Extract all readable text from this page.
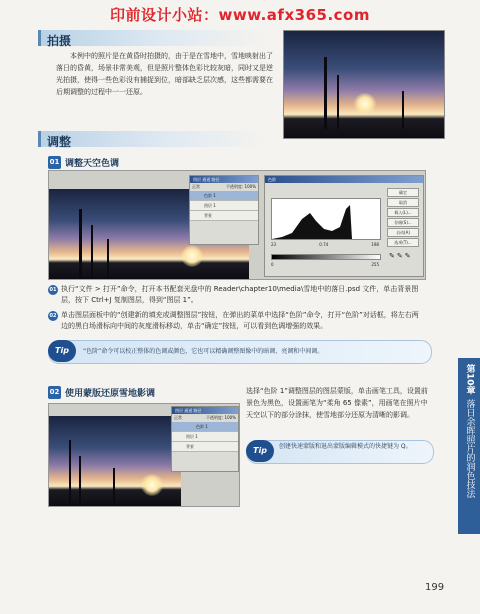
印前设计小站：www.afx365.com
拍摄
本例中的照片是在黄昏时拍摄的，由于是在雪地中，雪地映射出了落日的昏黄，场景非常美观，但是照片整体色彩比较灰暗，同时又是逆光拍摄，使得一些色彩没有捕捉到位，暗部缺乏层次感，这些都需要在后期调整的过程中一一还原。
调整
01 调整天空色调
图层 通道 路径
正常	不透明度: 100%
色阶 1
图层 1
背景
色阶
23	0.74	198
0	255
确定
取消
载入(L)...
存储(S)...
自动(A)
选项(T)...
✎✎✎
01 执行“文件 > 打开”命令，打开本书配套光盘中的 Reader\chapter10\media\雪地中的落日.psd 文件，单击背景图层，按下 Ctrl+J 复制图层，得到“图层 1”。
02 单击图层面板中的“创建新的填充或调整图层”按钮，在弹出的菜单中选择“色阶”命令，打开“色阶”对话框，将左右两边的黑白场滑标向中间的灰度滑标移动，单击“确定”按钮，可以看到色调增强的效果。
Tip	“色阶”命令可以校正整体的色调或颜色，它也可以精确调整图像中的暗调、亮调和中间调。
02 使用蒙版还原雪地影调
图层 通道 路径
正常	不透明度: 100%
色阶 1
图层 1
背景
选择“色阶 1”调整图层的图层蒙版，单击画笔工具，设置前景色为黑色，设置画笔为“柔角 65 像素”，用画笔在照片中天空以下的部分涂抹，使雪地部分还原为清晰的影调。
Tip	创建快速蒙版和退出蒙版编辑模式的快捷键为 Q。
第10章
落日余晖照片的润色技法
199
